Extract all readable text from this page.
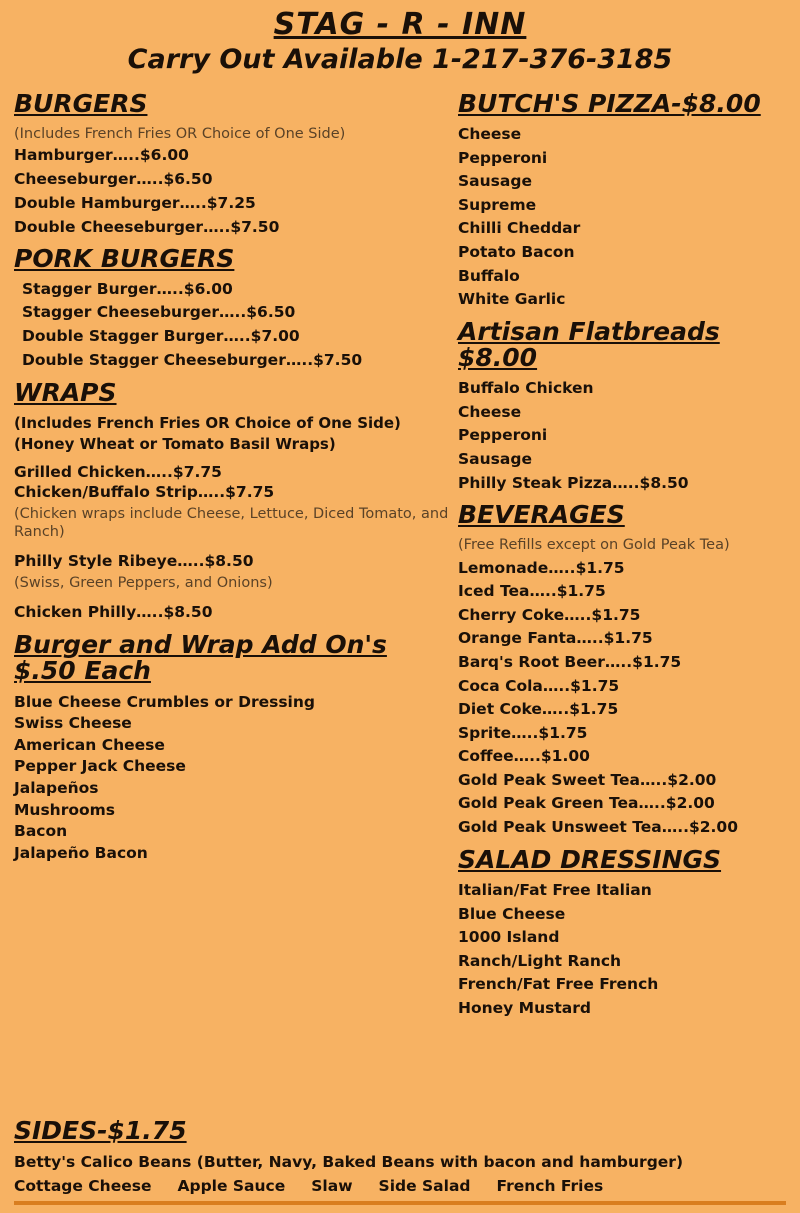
STAG - R - INN
Carry Out Available 1-217-376-3185
BURGERS
(Includes French Fries OR Choice of One Side)
Hamburger…..$6.00
Cheeseburger…..$6.50
Double Hamburger…..$7.25
Double Cheeseburger…..$7.50
PORK BURGERS
Stagger Burger…..$6.00
Stagger Cheeseburger…..$6.50
Double Stagger Burger…..$7.00
Double Stagger Cheeseburger…..$7.50
WRAPS
(Includes French Fries OR Choice of One Side)
(Honey Wheat or Tomato Basil Wraps)
Grilled Chicken…..$7.75
Chicken/Buffalo Strip…..$7.75
(Chicken wraps include Cheese, Lettuce, Diced Tomato, and Ranch)
Philly Style Ribeye…..$8.50
(Swiss, Green Peppers, and Onions)
Chicken Philly…..$8.50
Burger and Wrap Add On's $.50 Each
Blue Cheese Crumbles or Dressing
Swiss Cheese
American Cheese
Pepper Jack Cheese
Jalapeños
Mushrooms
Bacon
Jalapeño Bacon
BUTCH'S PIZZA-$8.00
Cheese
Pepperoni
Sausage
Supreme
Chilli Cheddar
Potato Bacon
Buffalo
White Garlic
Artisan Flatbreads $8.00
Buffalo Chicken
Cheese
Pepperoni
Sausage
Philly Steak Pizza…..$8.50
BEVERAGES
(Free Refills except on Gold Peak Tea)
Lemonade…..$1.75
Iced Tea…..$1.75
Cherry Coke…..$1.75
Orange Fanta…..$1.75
Barq's Root Beer…..$1.75
Coca Cola…..$1.75
Diet Coke…..$1.75
Sprite…..$1.75
Coffee…..$1.00
Gold Peak Sweet Tea…..$2.00
Gold Peak Green Tea…..$2.00
Gold Peak Unsweet Tea…..$2.00
SALAD DRESSINGS
Italian/Fat Free Italian
Blue Cheese
1000 Island
Ranch/Light Ranch
French/Fat Free French
Honey Mustard
SIDES-$1.75
Betty's Calico Beans (Butter, Navy, Baked Beans with bacon and hamburger)
Cottage Cheese Apple Sauce Slaw Side Salad French Fries
